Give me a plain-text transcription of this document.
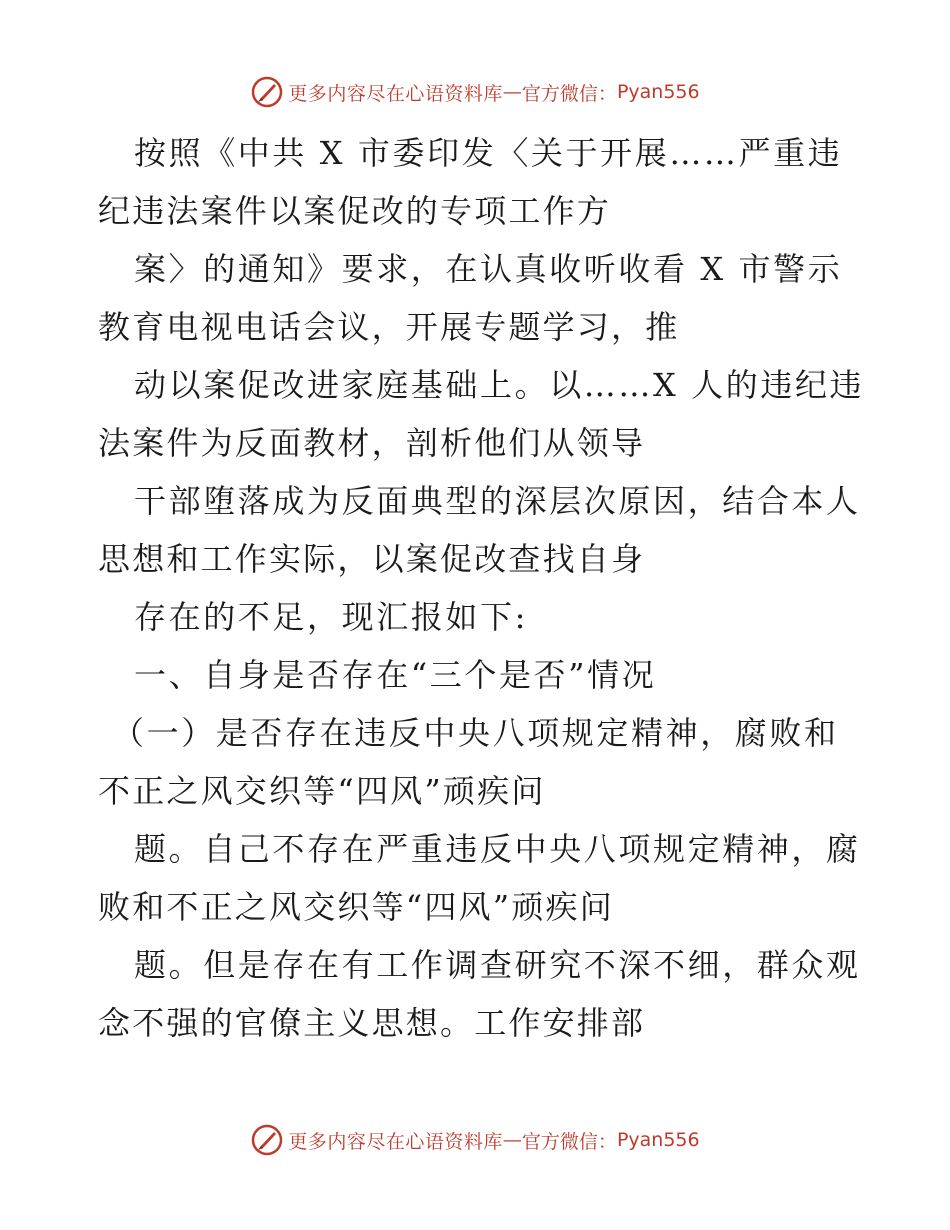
更多内容尽在心语资料库 — 官方微信： Pyan556
按照《中共 X 市委印发〈关于开展……严重违
纪违法案件以案促改的专项工作方
案〉的通知》要求，在认真收听收看 X 市警示
教育电视电话会议，开展专题学习，推
动以案促改进家庭基础上。以……X 人的违纪违
法案件为反面教材，剖析他们从领导
干部堕落成为反面典型的深层次原因，结合本人
思想和工作实际，以案促改查找自身
存在的不足，现汇报如下:
一、自身是否存在“三个是否”情况
（一）是否存在违反中央八项规定精神，腐败和
不正之风交织等“四风”顽疾问
题。自己不存在严重违反中央八项规定精神，腐
败和不正之风交织等“四风”顽疾问
题。但是存在有工作调查研究不深不细，群众观
念不强的官僚主义思想。工作安排部
更多内容尽在心语资料库 — 官方微信： Pyan556
